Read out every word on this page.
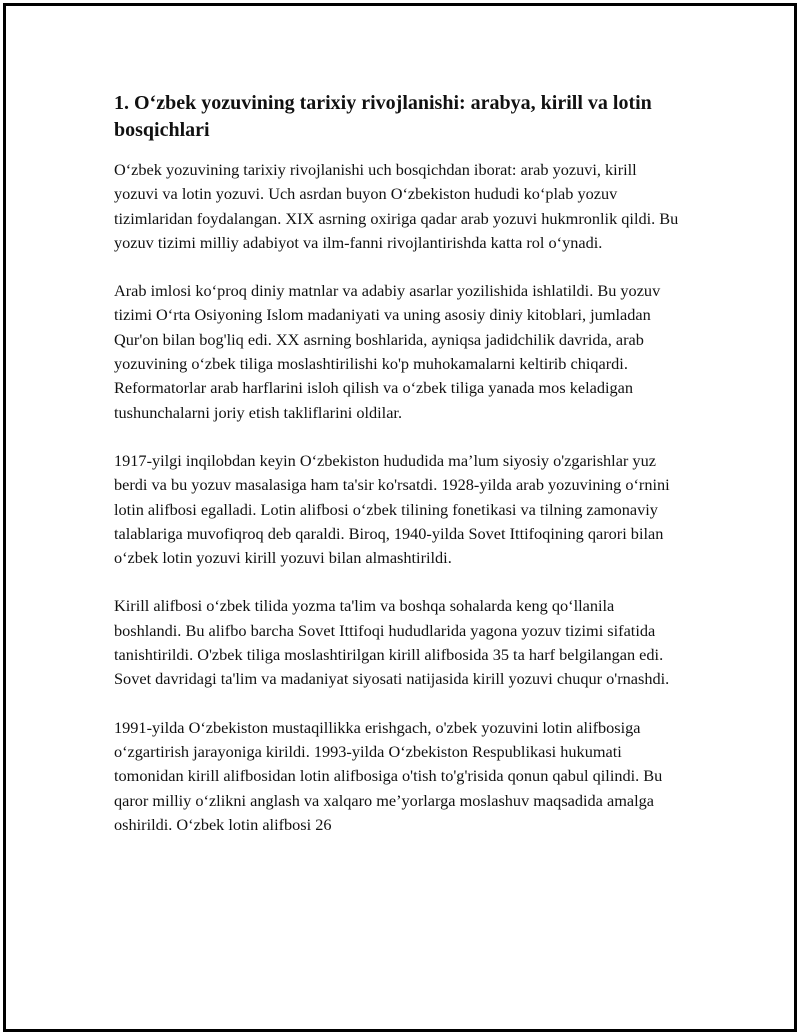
1. O‘zbek yozuvining tarixiy rivojlanishi: arabya, kirill va lotin bosqichlari

O‘zbek yozuvining tarixiy rivojlanishi uch bosqichdan iborat: arab yozuvi, kirill yozuvi va lotin yozuvi. Uch asrdan buyon O‘zbekiston hududi ko‘plab yozuv tizimlaridan foydalangan. XIX asrning oxiriga qadar arab yozuvi hukmronlik qildi. Bu yozuv tizimi milliy adabiyot va ilm-fanni rivojlantirishda katta rol o‘ynadi.

Arab imlosi ko‘proq diniy matnlar va adabiy asarlar yozilishida ishlatildi. Bu yozuv tizimi O‘rta Osiyoning Islom madaniyati va uning asosiy diniy kitoblari, jumladan Qur'on bilan bog'liq edi. XX asrning boshlarida, ayniqsa jadidchilik davrida, arab yozuvining o‘zbek tiliga moslashtirilishi ko'p muhokamalarni keltirib chiqardi. Reformatorlar arab harflarini isloh qilish va o‘zbek tiliga yanada mos keladigan tushunchalarni joriy etish takliflarini oldilar.

1917-yilgi inqilobdan keyin O‘zbekiston hududida ma’lum siyosiy o'zgarishlar yuz berdi va bu yozuv masalasiga ham ta'sir ko'rsatdi. 1928-yilda arab yozuvining o‘rnini lotin alifbosi egalladi. Lotin alifbosi o‘zbek tilining fonetikasi va tilning zamonaviy talablariga muvofiqroq deb qaraldi. Biroq, 1940-yilda Sovet Ittifoqining qarori bilan o‘zbek lotin yozuvi kirill yozuvi bilan almashtirildi.

Kirill alifbosi o‘zbek tilida yozma ta'lim va boshqa sohalarda keng qo‘llanila boshlandi. Bu alifbo barcha Sovet Ittifoqi hududlarida yagona yozuv tizimi sifatida tanishtirildi. O'zbek tiliga moslashtirilgan kirill alifbosida 35 ta harf belgilangan edi. Sovet davridagi ta'lim va madaniyat siyosati natijasida kirill yozuvi chuqur o'rnashdi.

1991-yilda O‘zbekiston mustaqillikka erishgach, o'zbek yozuvini lotin alifbosiga o‘zgartirish jarayoniga kirildi. 1993-yilda O‘zbekiston Respublikasi hukumati tomonidan kirill alifbosidan lotin alifbosiga o'tish to'g'risida qonun qabul qilindi. Bu qaror milliy o‘zlikni anglash va xalqaro me’yorlarga moslashuv maqsadida amalga oshirildi. O‘zbek lotin alifbosi 26
